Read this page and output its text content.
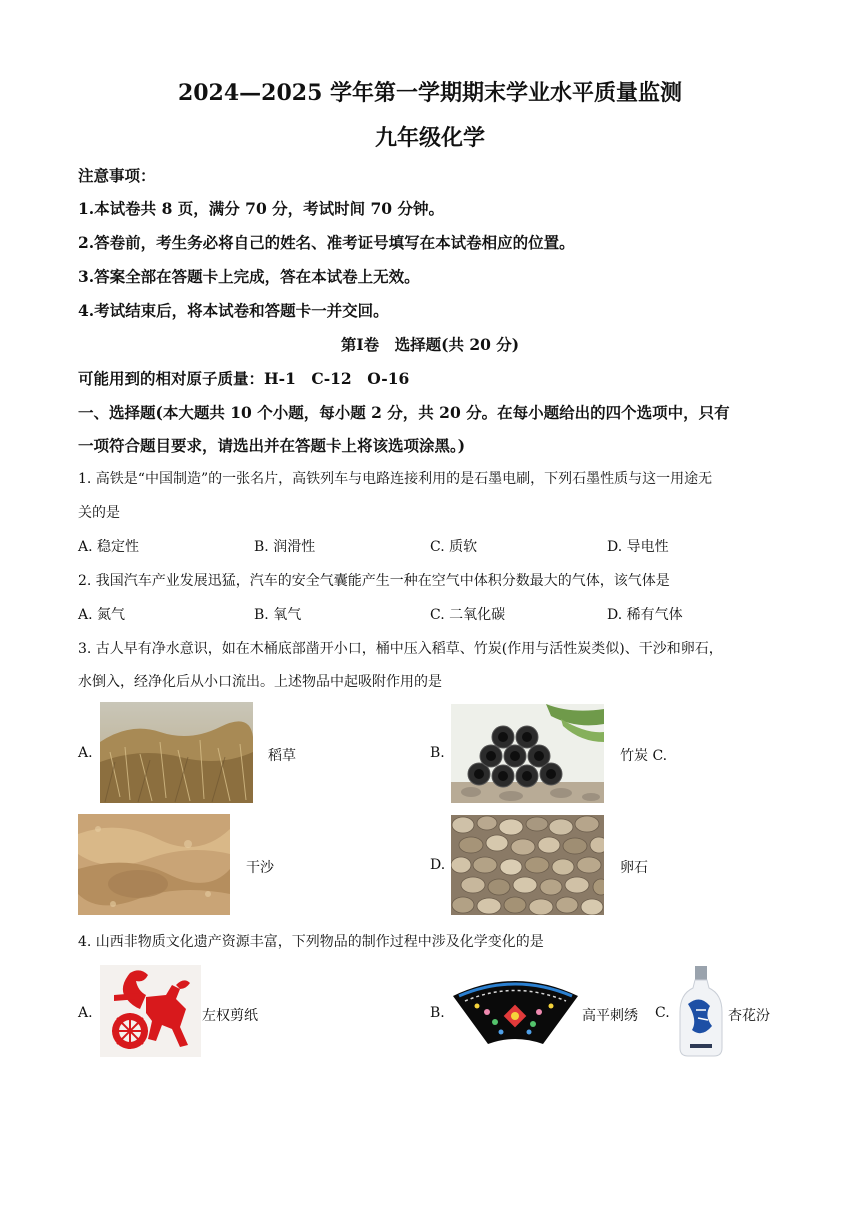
2024—2025 学年第一学期期末学业水平质量监测
九年级化学
注意事项：
1.本试卷共 8 页，满分 70 分，考试时间 70 分钟。
2.答卷前，考生务必将自己的姓名、准考证号填写在本试卷相应的位置。
3.答案全部在答题卡上完成，答在本试卷上无效。
4.考试结束后，将本试卷和答题卡一并交回。
第Ⅰ卷　选择题(共 20 分)
可能用到的相对原子质量：H-1　C-12　O-16
一、选择题(本大题共 10 个小题，每小题 2 分，共 20 分。在每小题给出的四个选项中，只有
一项符合题目要求，请选出并在答题卡上将该选项涂黑。)
1. 高铁是“中国制造”的一张名片，高铁列车与电路连接利用的是石墨电刷，下列石墨性质与这一用途无
关的是
A. 稳定性	B. 润滑性	C. 质软	D. 导电性
2. 我国汽车产业发展迅猛，汽车的安全气囊能产生一种在空气中体积分数最大的气体，该气体是
A. 氮气	B. 氧气	C. 二氧化碳	D. 稀有气体
3. 古人早有净水意识，如在木桶底部凿开小口，桶中压入稻草、竹炭(作用与活性炭类似)、干沙和卵石，
水倒入，经净化后从小口流出。上述物品中起吸附作用的是
A.	稻草	B.	竹炭 C.
干沙	D.	卵石
4. 山西非物质文化遗产资源丰富，下列物品的制作过程中涉及化学变化的是
A.	左权剪纸	B.	高平刺绣 C.	杏花汾
